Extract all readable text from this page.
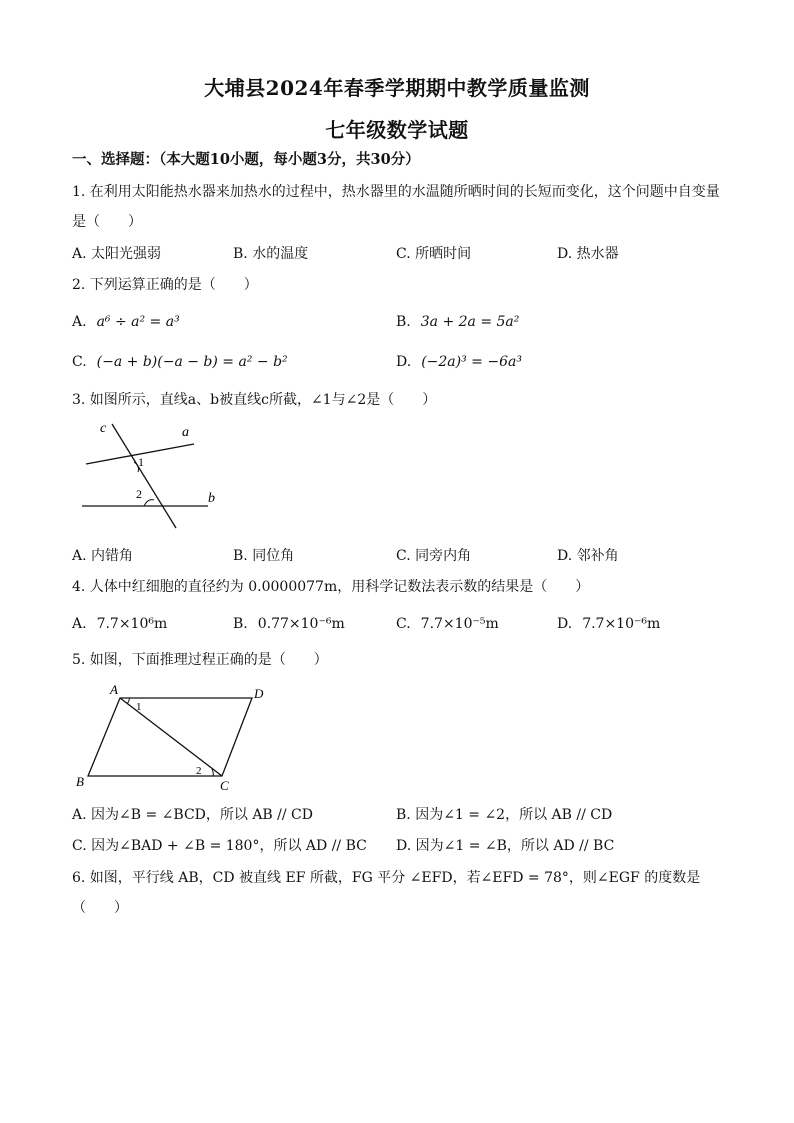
大埔县2024年春季学期期中教学质量监测
七年级数学试题
一、选择题：（本大题10小题，每小题3分，共30分）
1. 在利用太阳能热水器来加热水的过程中，热水器里的水温随所晒时间的长短而变化，这个问题中自变量
是（　　）
A. 太阳光强弱	B. 水的温度	C. 所晒时间	D. 热水器
2. 下列运算正确的是（　　）
A. a⁶ ÷ a² = a³	B. 3a + 2a = 5a²
C. (−a + b)(−a − b) = a² − b²	D. (−2a)³ = −6a³
3. 如图所示，直线a、b被直线c所截，∠1与∠2是（　　）
c	a
1
2	b
A. 内错角	B. 同位角	C. 同旁内角	D. 邻补角
4. 人体中红细胞的直径约为 0.0000077m，用科学记数法表示数的结果是（　　）
A. 7.7×10⁶m	B. 0.77×10⁻⁶m	C. 7.7×10⁻⁵m	D. 7.7×10⁻⁶m
5. 如图，下面推理过程正确的是（　　）
A	D
1
2
B	C
A. 因为∠B = ∠BCD，所以 AB // CD	B. 因为∠1 = ∠2，所以 AB // CD
C. 因为∠BAD + ∠B = 180°，所以 AD // BC D. 因为∠1 = ∠B，所以 AD // BC
6. 如图，平行线 AB，CD 被直线 EF 所截，FG 平分 ∠EFD，若∠EFD = 78°，则∠EGF 的度数是
（　　）
